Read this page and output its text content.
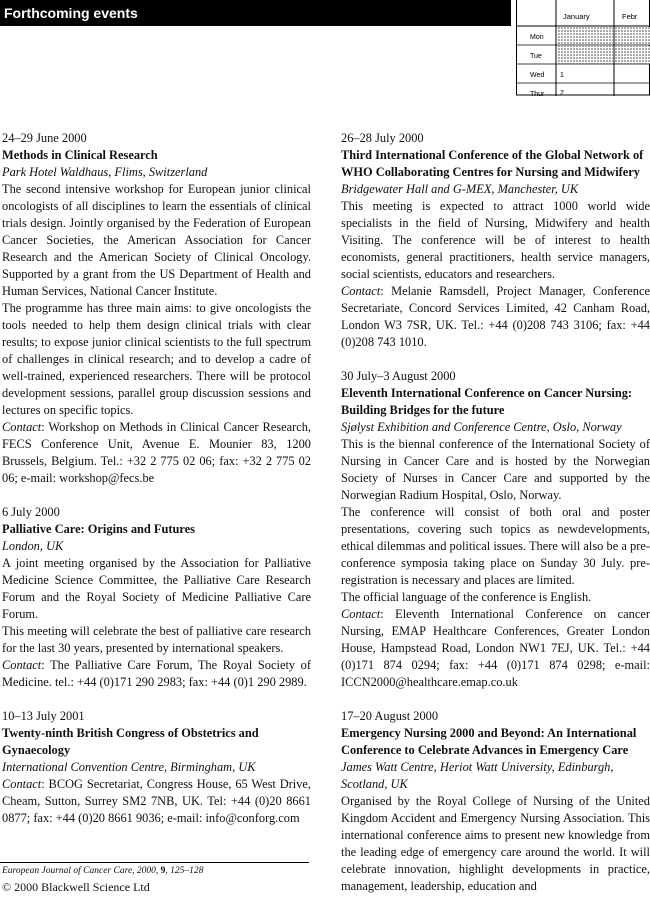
Forthcoming events	January	Febr
Mon
Tue
Wed
Thur
1
2
24–29 June 2000
Methods in Clinical Research
Park Hotel Waldhaus, Flims, Switzerland
The second intensive workshop for European junior clinical oncologists of all disciplines to learn the essentials of clinical trials design. Jointly organised by the Federation of European Cancer Societies, the American Association for Cancer Research and the American Society of Clinical Oncology. Supported by a grant from the US Department of Health and Human Services, National Cancer Institute.
The programme has three main aims: to give oncologists the tools needed to help them design clinical trials with clear results; to expose junior clinical scientists to the full spectrum of challenges in clinical research; and to develop a cadre of well-trained, experienced researchers. There will be protocol development sessions, parallel group discussion sessions and lectures on specific topics.
Contact: Workshop on Methods in Clinical Cancer Research, FECS Conference Unit, Avenue E. Mounier 83, 1200 Brussels, Belgium. Tel.: +32 2 775 02 06; fax: +32 2 775 02 06; e-mail: workshop@fecs.be
6 July 2000
Palliative Care: Origins and Futures
London, UK
A joint meeting organised by the Association for Palliative Medicine Science Committee, the Palliative Care Research Forum and the Royal Society of Medicine Palliative Care Forum.
This meeting will celebrate the best of palliative care research for the last 30 years, presented by international speakers.
Contact: The Palliative Care Forum, The Royal Society of Medicine. tel.: +44 (0)171 290 2983; fax: +44 (0)1 290 2989.
10–13 July 2001
Twenty-ninth British Congress of Obstetrics and Gynaecology
International Convention Centre, Birmingham, UK
Contact: BCOG Secretariat, Congress House, 65 West Drive, Cheam, Sutton, Surrey SM2 7NB, UK. Tel: +44 (0)20 8661 0877; fax: +44 (0)20 8661 9036; e-mail: info@conforg.com
26–28 July 2000
Third International Conference of the Global Network of WHO Collaborating Centres for Nursing and Midwifery
Bridgewater Hall and G-MEX, Manchester, UK
This meeting is expected to attract 1000 world wide specialists in the field of Nursing, Midwifery and health Visiting. The conference will be of interest to health economists, general practitioners, health service managers, social scientists, educators and researchers.
Contact: Melanie Ramsdell, Project Manager, Conference Secretariate, Concord Services Limited, 42 Canham Road, London W3 7SR, UK. Tel.: +44 (0)208 743 3106; fax: +44 (0)208 743 1010.
30 July–3 August 2000
Eleventh International Conference on Cancer Nursing: Building Bridges for the future
Sjølyst Exhibition and Conference Centre, Oslo, Norway
This is the biennal conference of the International Society of Nursing in Cancer Care and is hosted by the Norwegian Society of Nurses in Cancer Care and supported by the Norwegian Radium Hospital, Oslo, Norway.
The conference will consist of both oral and poster presentations, covering such topics as newdevelopments, ethical dilemmas and political issues. There will also be a pre-conference symposia taking place on Sunday 30 July. pre-registration is necessary and places are limited.
The official language of the conference is English.
Contact: Eleventh International Conference on cancer Nursing, EMAP Healthcare Conferences, Greater London House, Hampstead Road, London NW1 7EJ, UK. Tel.: +44 (0)171 874 0294; fax: +44 (0)171 874 0298; e-mail: ICCN2000@healthcare.emap.co.uk
17–20 August 2000
Emergency Nursing 2000 and Beyond: An International Conference to Celebrate Advances in Emergency Care
James Watt Centre, Heriot Watt University, Edinburgh, Scotland, UK
Organised by the Royal College of Nursing of the United Kingdom Accident and Emergency Nursing Association. This international conference aims to present new knowledge from the leading edge of emergency care around the world. It will celebrate innovation, highlight developments in practice, management, leadership, education and
European Journal of Cancer Care, 2000, 9, 125–128
© 2000 Blackwell Science Ltd
